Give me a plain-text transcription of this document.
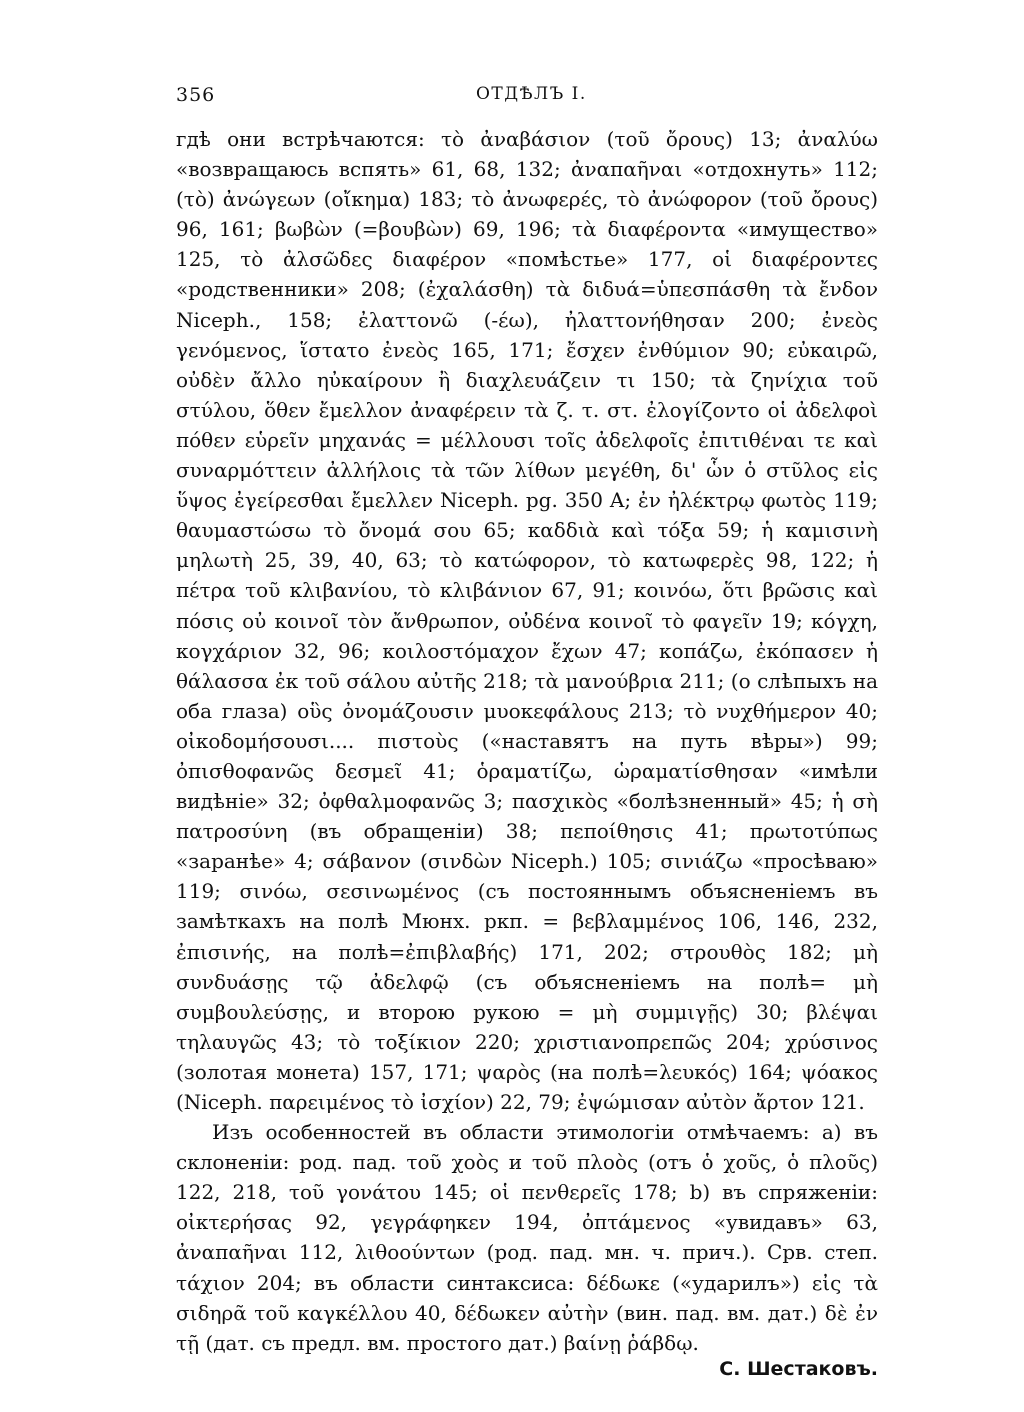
356	ОТДѢЛЪ I.

гдѣ они встрѣчаются: τὸ ἀναβάσιον (τοῦ ὄρους) 13; ἀναλύω «возвращаюсь вспять» 61, 68, 132; ἀναπαῆναι «отдохнуть» 112; (τὸ) ἀνώγεων (οἴκημα) 183; τὸ ἀνωφερές, τὸ ἀνώφορον (τοῦ ὄρους) 96, 161; βωβὼν (=βουβὼν) 69, 196; τὰ διαφέροντα «имущество» 125, τὸ ἀλσῶδες διαφέρον «помѣстье» 177, οἱ διαφέροντες «родственники» 208; (ἐχαλάσθη) τὰ διδυά=ὑπεσπάσθη τὰ ἔνδον Niceph., 158; ἐλαττονῶ (-έω), ἠλαττονήθησαν 200; ἐνεὸς γενόμενος, ἵστατο ἐνεὸς 165, 171; ἔσχεν ἐνθύμιον 90; εὐκαιρῶ, οὐδὲν ἄλλο ηὐκαίρουν ἢ διαχλευάζειν τι 150; τὰ ζηνίχια τοῦ στύλου, ὅθεν ἔμελλον ἀναφέρειν τὰ ζ. τ. στ. ἐλογίζοντο οἱ ἀδελφοὶ πόθεν εὑρεῖν μηχανάς = μέλλουσι τοῖς ἀδελφοῖς ἐπιτιθέναι τε καὶ συναρμόττειν ἀλλήλοις τὰ τῶν λίθων μεγέθη, δι' ὧν ὁ στῦλος εἰς ὕψος ἐγείρεσθαι ἔμελλεν Niceph. pg. 350 A; ἐν ἠλέκτρῳ φωτὸς 119; θαυμαστώσω τὸ ὄνομά σου 65; καδδιὰ καὶ τόξα 59; ἡ καμισινὴ μηλωτὴ 25, 39, 40, 63; τὸ κατώφορον, τὸ κατωφερὲς 98, 122; ἡ πέτρα τοῦ κλιβανίου, τὸ κλιβάνιον 67, 91; κοινόω, ὅτι βρῶσις καὶ πόσις οὐ κοινοῖ τὸν ἄνθρωπον, οὐδένα κοινοῖ τὸ φαγεῖν 19; κόγχη, κογχάριον 32, 96; κοιλοστόμαχον ἔχων 47; κοπάζω, ἐκόπασεν ἡ θάλασσα ἐκ τοῦ σάλου αὐτῆς 218; τὰ μανούβρια 211; (о слѣпыхъ на оба глаза) οὓς ὀνομάζουσιν μυοκεφάλους 213; τὸ νυχθήμερον 40; οἰκοδομήσουσι.... πιστοὺς («наставятъ на путь вѣры») 99; ὀπισθοφανῶς δεσμεῖ 41; ὁραματίζω, ὡραματίσθησαν «имѣли видѣніе» 32; ὀφθαλμοφανῶς 3; πασχικὸς «болѣзненный» 45; ἡ σὴ πατροσύνη (въ обращеніи) 38; πεποίθησις 41; πρωτοτύπως «заранѣе» 4; σάβανον (σινδὼν Niceph.) 105; σινιάζω «просѣваю» 119; σινόω, σεσινωμένος (съ постояннымъ объясненіемъ въ замѣткахъ на полѣ Мюнх. ркп. = βεβλαμμένος 106, 146, 232, ἐπισινής, на полѣ=ἐπιβλαβής) 171, 202; στρουθὸς 182; μὴ συνδυάσῃς τῷ ἀδελφῷ (съ объясненіемъ на полѣ= μὴ συμβουλεύσῃς, и второю рукою = μὴ συμμιγῇς) 30; βλέψαι τηλαυγῶς 43; τὸ τοξίκιον 220; χριστιανοπρεπῶς 204; χρύσινος (золотая монета) 157, 171; ψαρὸς (на полѣ=λευκός) 164; ψόακος (Niceph. παρειμένος τὸ ἰσχίον) 22, 79; ἐψώμισαν αὐτὸν ἄρτον 121.

Изъ особенностей въ области этимологіи отмѣчаемъ: a) въ склоненіи: род. пад. τοῦ χοὸς и τοῦ πλοὸς (отъ ὁ χοῦς, ὁ πλοῦς) 122, 218, τοῦ γονάτου 145; οἱ πενθερεῖς 178; b) въ спряженіи: οἰκτερήσας 92, γεγράφηκεν 194, ὀπτάμενος «увидавъ» 63, ἀναπαῆναι 112, λιθοούντων (род. пад. мн. ч. прич.). Срв. степ. τάχιον 204; въ области синтаксиса: δέδωκε («ударилъ») εἰς τὰ σιδηρᾶ τοῦ καγκέλλου 40, δέδωκεν αὐτὴν (вин. пад. вм. дат.) δὲ ἐν τῇ (дат. съ предл. вм. простого дат.) βαίνῃ ῥάβδῳ.

С. Шестаковъ.
